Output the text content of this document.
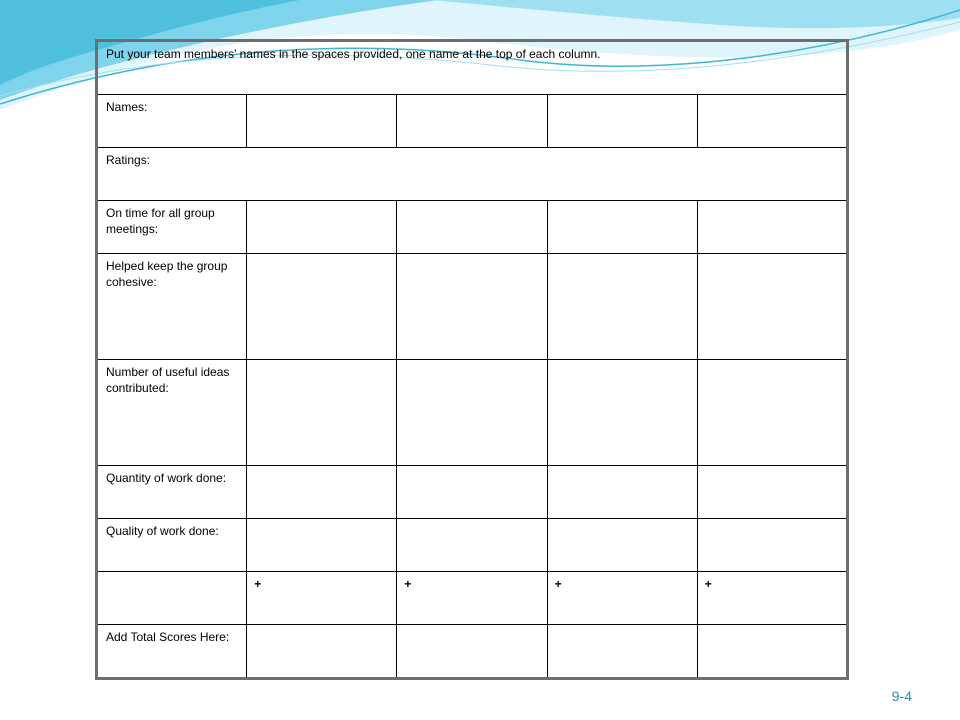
Put your team members’ names in the spaces provided, one name at the top of each column.				
Names:				
Ratings:				
On time for all group meetings:				
Helped keep the group cohesive:				
Number of useful ideas contributed:				
Quantity of work done:				
Quality of work done:				
	+	+	+	+
Add Total Scores Here:				
9-4
